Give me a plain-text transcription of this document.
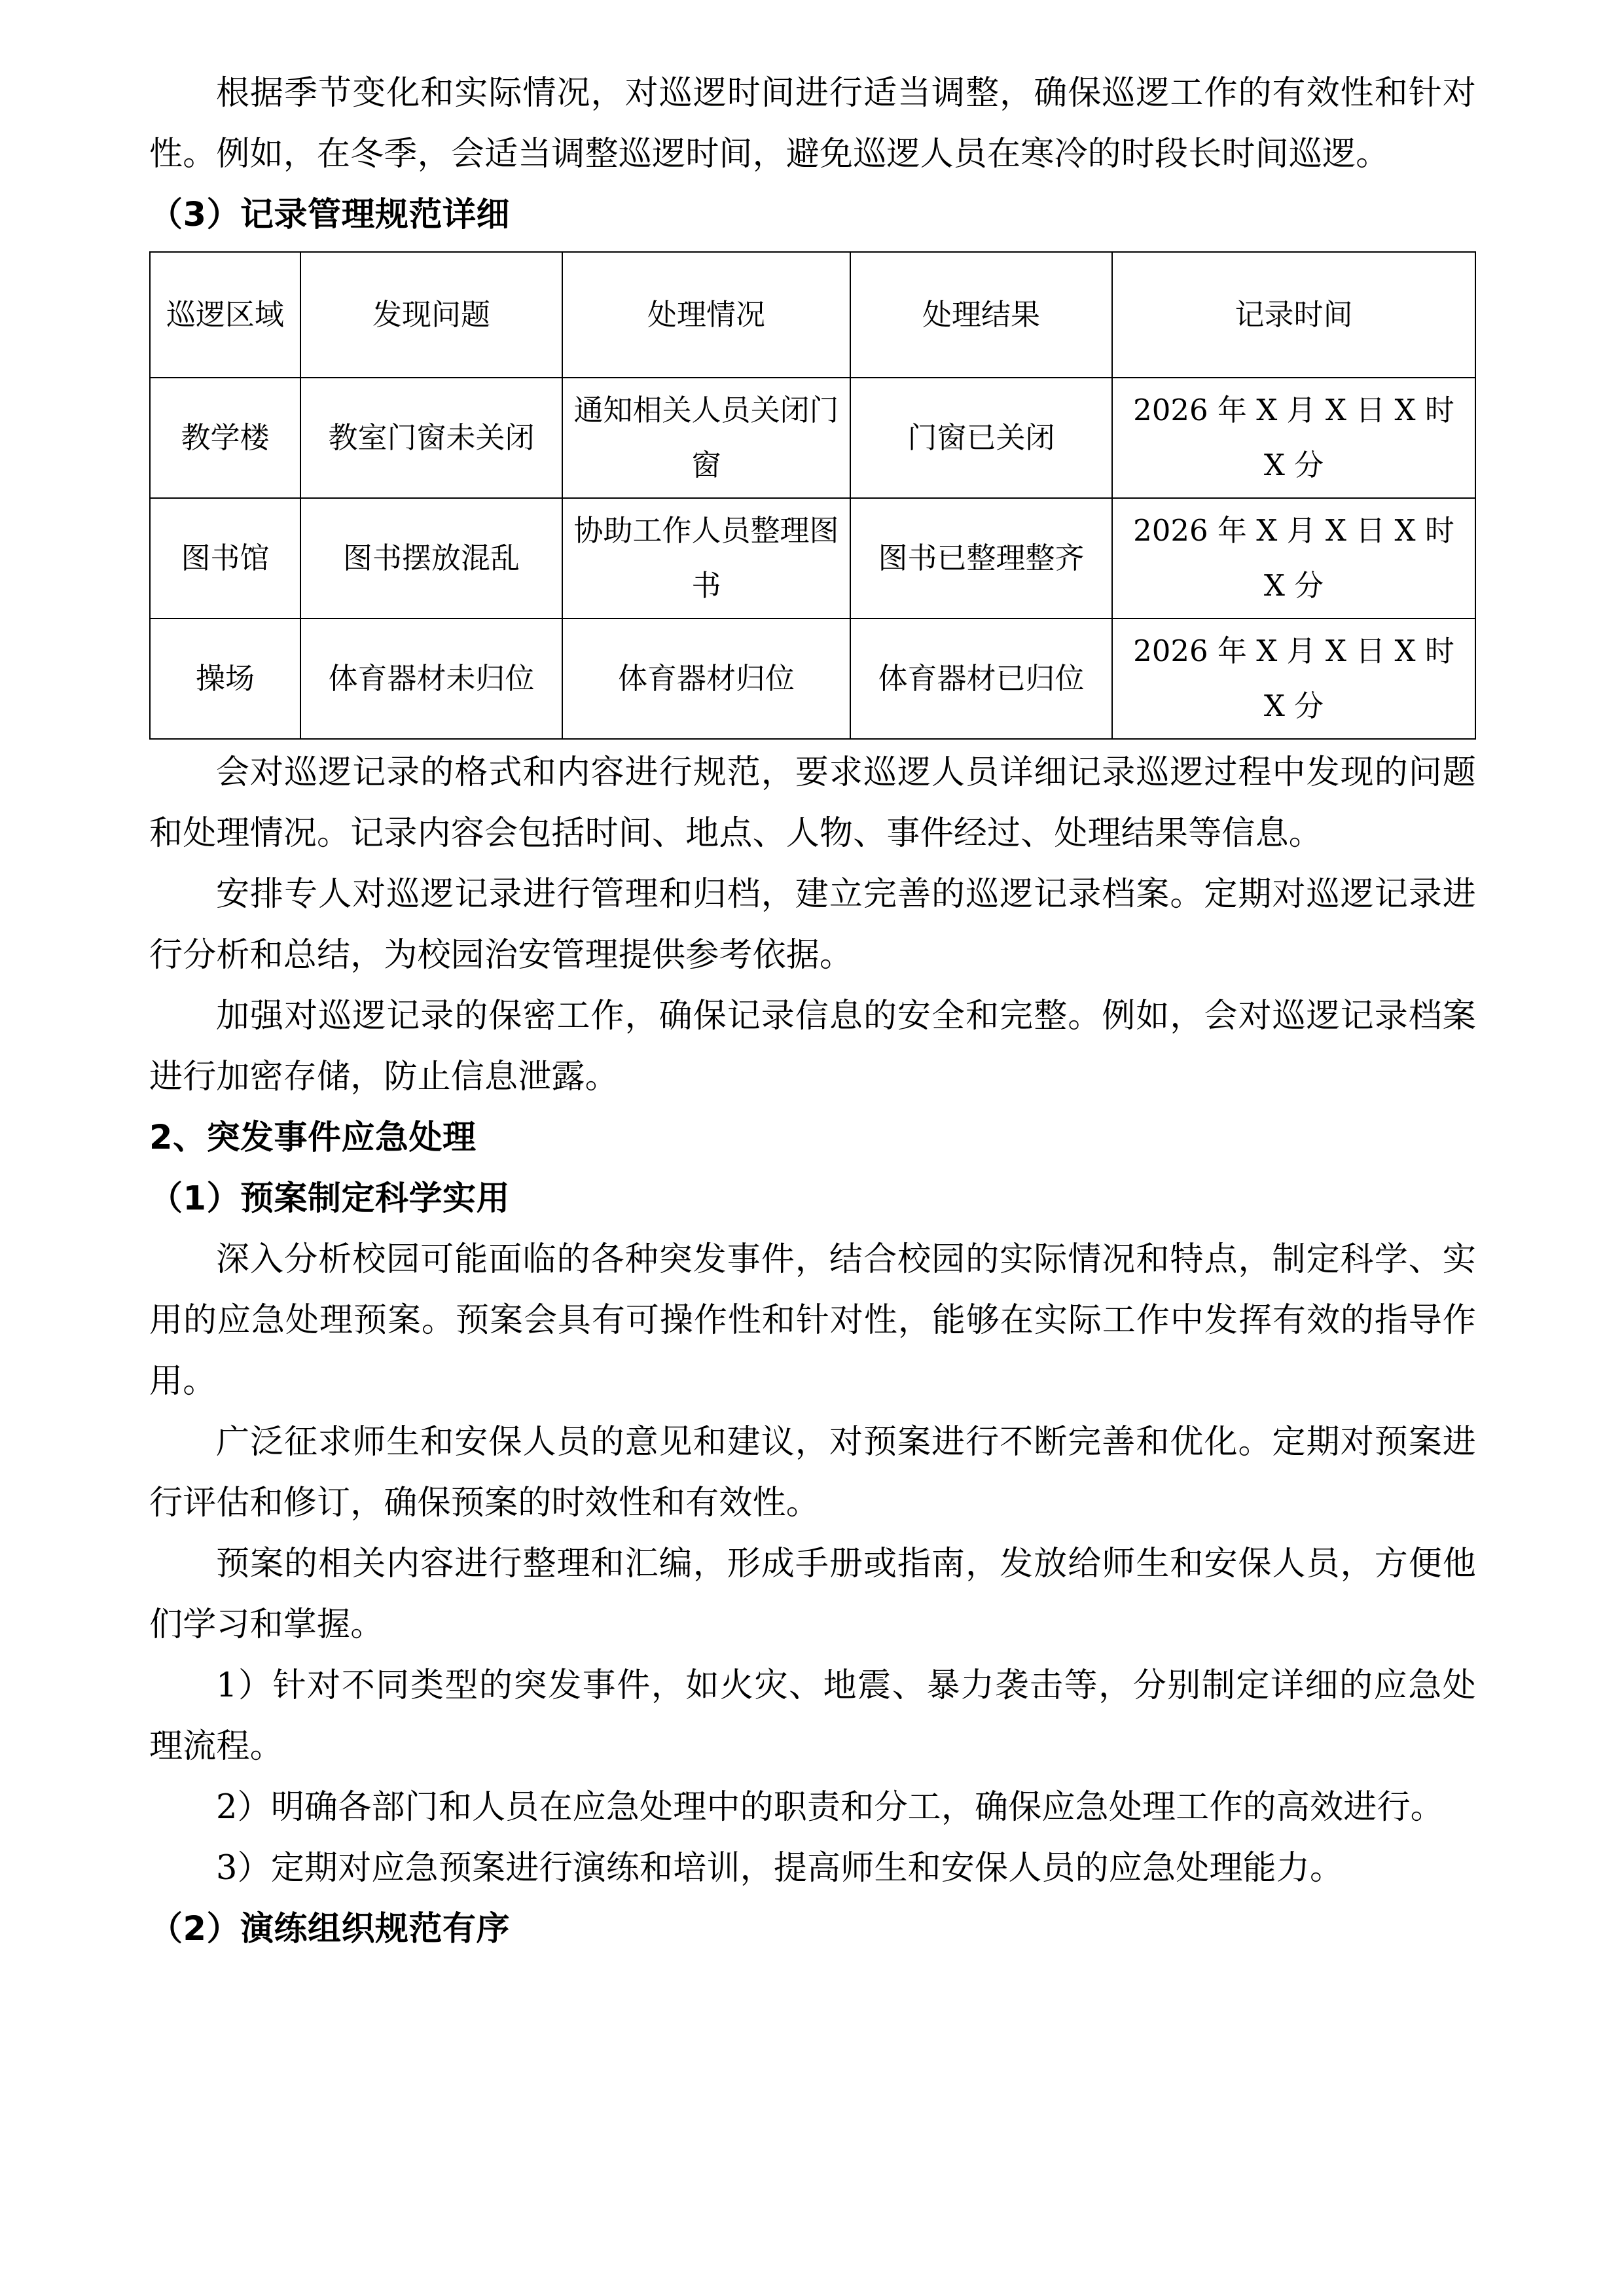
根据季节变化和实际情况，对巡逻时间进行适当调整，确保巡逻工作的有效性和针对性。例如，在冬季，会适当调整巡逻时间，避免巡逻人员在寒冷的时段长时间巡逻。

（3）记录管理规范详细
巡逻区域	发现问题	处理情况	处理结果	记录时间
教学楼	教室门窗未关闭	通知相关人员关闭门窗	门窗已关闭	2026 年 X 月 X 日 X 时 X 分
图书馆	图书摆放混乱	协助工作人员整理图书	图书已整理整齐	2026 年 X 月 X 日 X 时 X 分
操场	体育器材未归位	体育器材归位	体育器材已归位	2026 年 X 月 X 日 X 时 X 分

会对巡逻记录的格式和内容进行规范，要求巡逻人员详细记录巡逻过程中发现的问题和处理情况。记录内容会包括时间、地点、人物、事件经过、处理结果等信息。

安排专人对巡逻记录进行管理和归档，建立完善的巡逻记录档案。定期对巡逻记录进行分析和总结，为校园治安管理提供参考依据。

加强对巡逻记录的保密工作，确保记录信息的安全和完整。例如，会对巡逻记录档案进行加密存储，防止信息泄露。

2、突发事件应急处理
（1）预案制定科学实用

深入分析校园可能面临的各种突发事件，结合校园的实际情况和特点，制定科学、实用的应急处理预案。预案会具有可操作性和针对性，能够在实际工作中发挥有效的指导作用。

广泛征求师生和安保人员的意见和建议，对预案进行不断完善和优化。定期对预案进行评估和修订，确保预案的时效性和有效性。

预案的相关内容进行整理和汇编，形成手册或指南，发放给师生和安保人员，方便他们学习和掌握。

1）针对不同类型的突发事件，如火灾、地震、暴力袭击等，分别制定详细的应急处理流程。

2）明确各部门和人员在应急处理中的职责和分工，确保应急处理工作的高效进行。

3）定期对应急预案进行演练和培训，提高师生和安保人员的应急处理能力。

（2）演练组织规范有序
